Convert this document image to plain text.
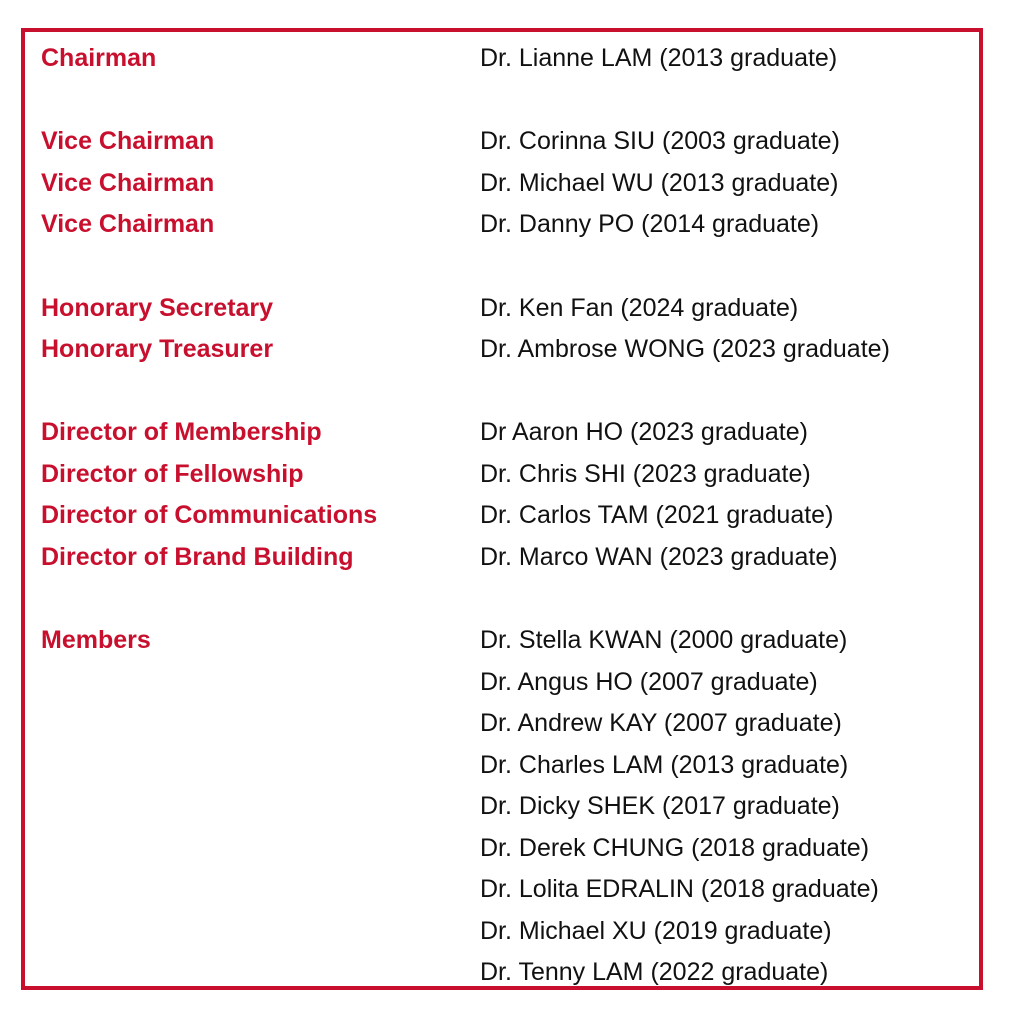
Chairman	Dr. Lianne LAM (2013 graduate)
Vice Chairman	Dr. Corinna SIU (2003 graduate)
Vice Chairman	Dr. Michael WU (2013 graduate)
Vice Chairman	Dr. Danny PO (2014 graduate)
Honorary Secretary	Dr. Ken Fan (2024 graduate)
Honorary Treasurer	Dr. Ambrose WONG (2023 graduate)
Director of Membership	Dr Aaron HO (2023 graduate)
Director of Fellowship	Dr. Chris SHI (2023 graduate)
Director of Communications	Dr. Carlos TAM (2021 graduate)
Director of Brand Building	Dr. Marco WAN (2023 graduate)
Members	Dr. Stella KWAN (2000 graduate)
Dr. Angus HO (2007 graduate)
Dr. Andrew KAY (2007 graduate)
Dr. Charles LAM (2013 graduate)
Dr. Dicky SHEK (2017 graduate)
Dr. Derek CHUNG (2018 graduate)
Dr. Lolita EDRALIN (2018 graduate)
Dr. Michael XU (2019 graduate)
Dr. Tenny LAM (2022 graduate)
